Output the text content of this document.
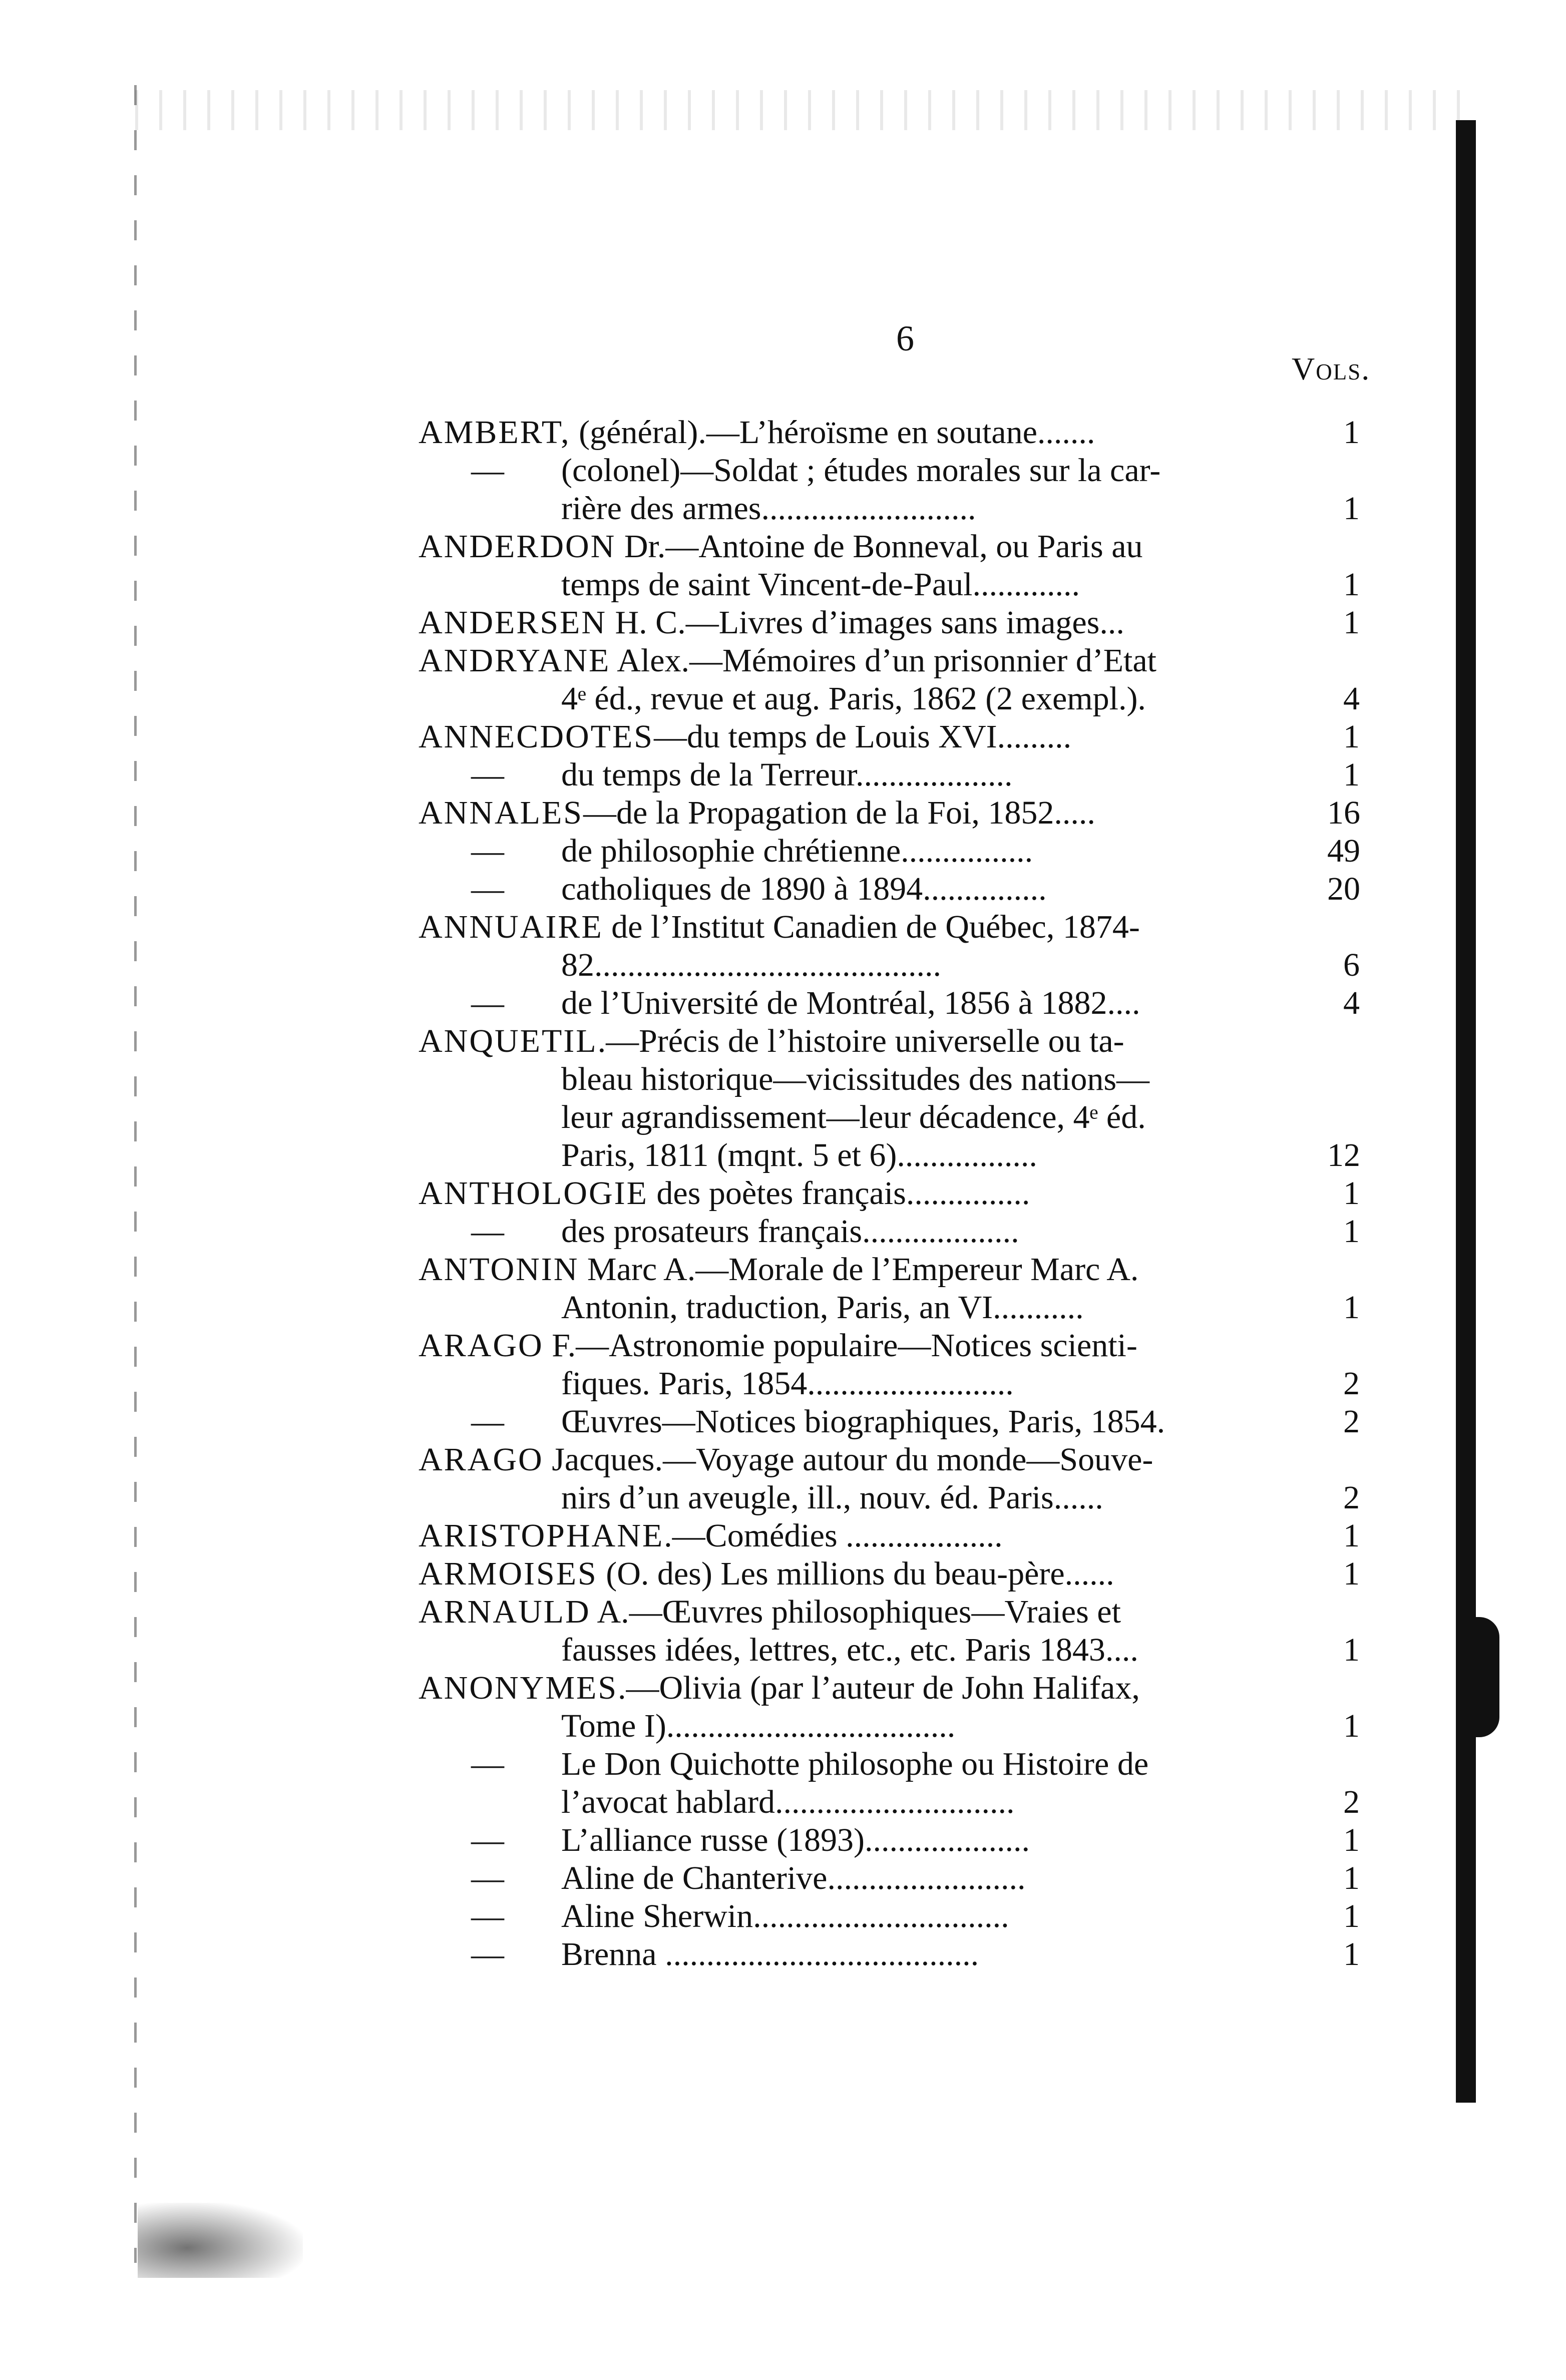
6
Vols.
AMBERT, (général).—L’héroïsme en soutane.......	1
— (colonel)—Soldat ; études morales sur la car-
rière des armes..........................	1
ANDERDON Dr.—Antoine de Bonneval, ou Paris au
temps de saint Vincent-de-Paul.............	1
ANDERSEN H. C.—Livres d’images sans images...	1
ANDRYANE Alex.—Mémoires d’un prisonnier d’Etat
4ᵉ éd., revue et aug. Paris, 1862 (2 exempl.).	4
ANNECDOTES—du temps de Louis XVI.........	1
— du temps de la Terreur...................	1
ANNALES—de la Propagation de la Foi, 1852.....	16
— de philosophie chrétienne................	49
— catholiques de 1890 à 1894...............	20
ANNUAIRE de l’Institut Canadien de Québec, 1874-
82..........................................	6
— de l’Université de Montréal, 1856 à 1882....	4
ANQUETIL.—Précis de l’histoire universelle ou ta-
bleau historique—vicissitudes des nations—
leur agrandissement—leur décadence, 4ᵉ éd.
Paris, 1811 (mqnt. 5 et 6).................	12
ANTHOLOGIE des poètes français...............	1
— des prosateurs français...................	1
ANTONIN Marc A.—Morale de l’Empereur Marc A.
Antonin, traduction, Paris, an VI...........	1
ARAGO F.—Astronomie populaire—Notices scienti-
fiques. Paris, 1854.........................	2
— Œuvres—Notices biographiques, Paris, 1854.	2
ARAGO Jacques.—Voyage autour du monde—Souve-
nirs d’un aveugle, ill., nouv. éd. Paris......	2
ARISTOPHANE.—Comédies ...................	1
ARMOISES (O. des) Les millions du beau-père......	1
ARNAULD A.—Œuvres philosophiques—Vraies et
fausses idées, lettres, etc., etc. Paris 1843....	1
ANONYMES.—Olivia (par l’auteur de John Halifax,
Tome I)...................................	1
— Le Don Quichotte philosophe ou Histoire de
l’avocat hablard.............................	2
— L’alliance russe (1893)....................	1
— Aline de Chanterive........................	1
— Aline Sherwin...............................	1
— Brenna ......................................	1
